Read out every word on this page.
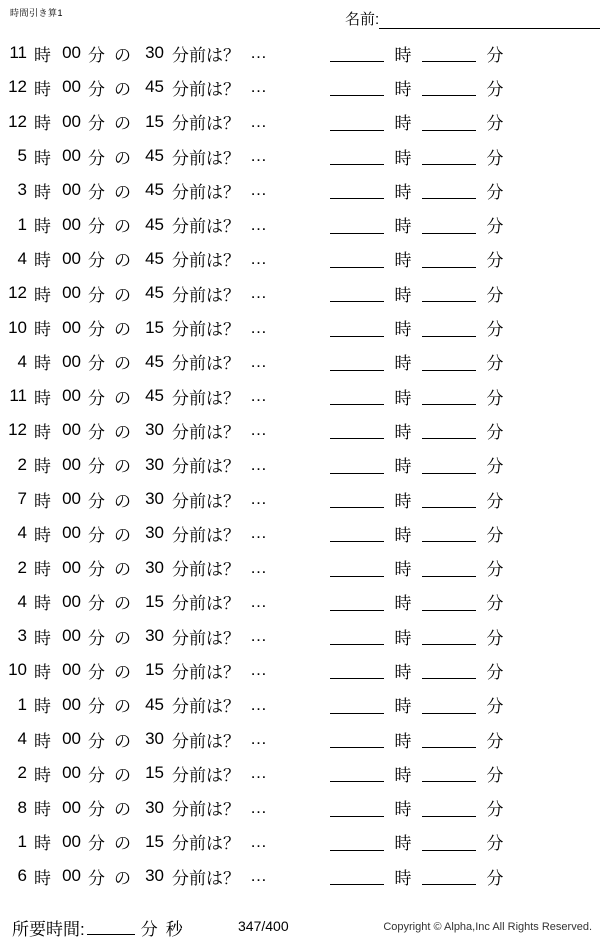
時間引き算1	名前:
11 時 00 分 の 30 分前は？ …	時	分
12 時 00 分 の 45 分前は？ …	時	分
12 時 00 分 の 15 分前は？ …	時	分
5 時 00 分 の 45 分前は？ …	時	分
3 時 00 分 の 45 分前は？ …	時	分
1 時 00 分 の 45 分前は？ …	時	分
4 時 00 分 の 45 分前は？ …	時	分
12 時 00 分 の 45 分前は？ …	時	分
10 時 00 分 の 15 分前は？ …	時	分
4 時 00 分 の 45 分前は？ …	時	分
11 時 00 分 の 45 分前は？ …	時	分
12 時 00 分 の 30 分前は？ …	時	分
2 時 00 分 の 30 分前は？ …	時	分
7 時 00 分 の 30 分前は？ …	時	分
4 時 00 分 の 30 分前は？ …	時	分
2 時 00 分 の 30 分前は？ …	時	分
4 時 00 分 の 15 分前は？ …	時	分
3 時 00 分 の 30 分前は？ …	時	分
10 時 00 分 の 15 分前は？ …	時	分
1 時 00 分 の 45 分前は？ …	時	分
4 時 00 分 の 30 分前は？ …	時	分
2 時 00 分 の 15 分前は？ …	時	分
8 時 00 分 の 30 分前は？ …	時	分
1 時 00 分 の 15 分前は？ …	時	分
6 時 00 分 の 30 分前は？ …	時	分
所要時間:	分 秒	347/400	Copyright © Alpha,Inc All Rights Reserved.
